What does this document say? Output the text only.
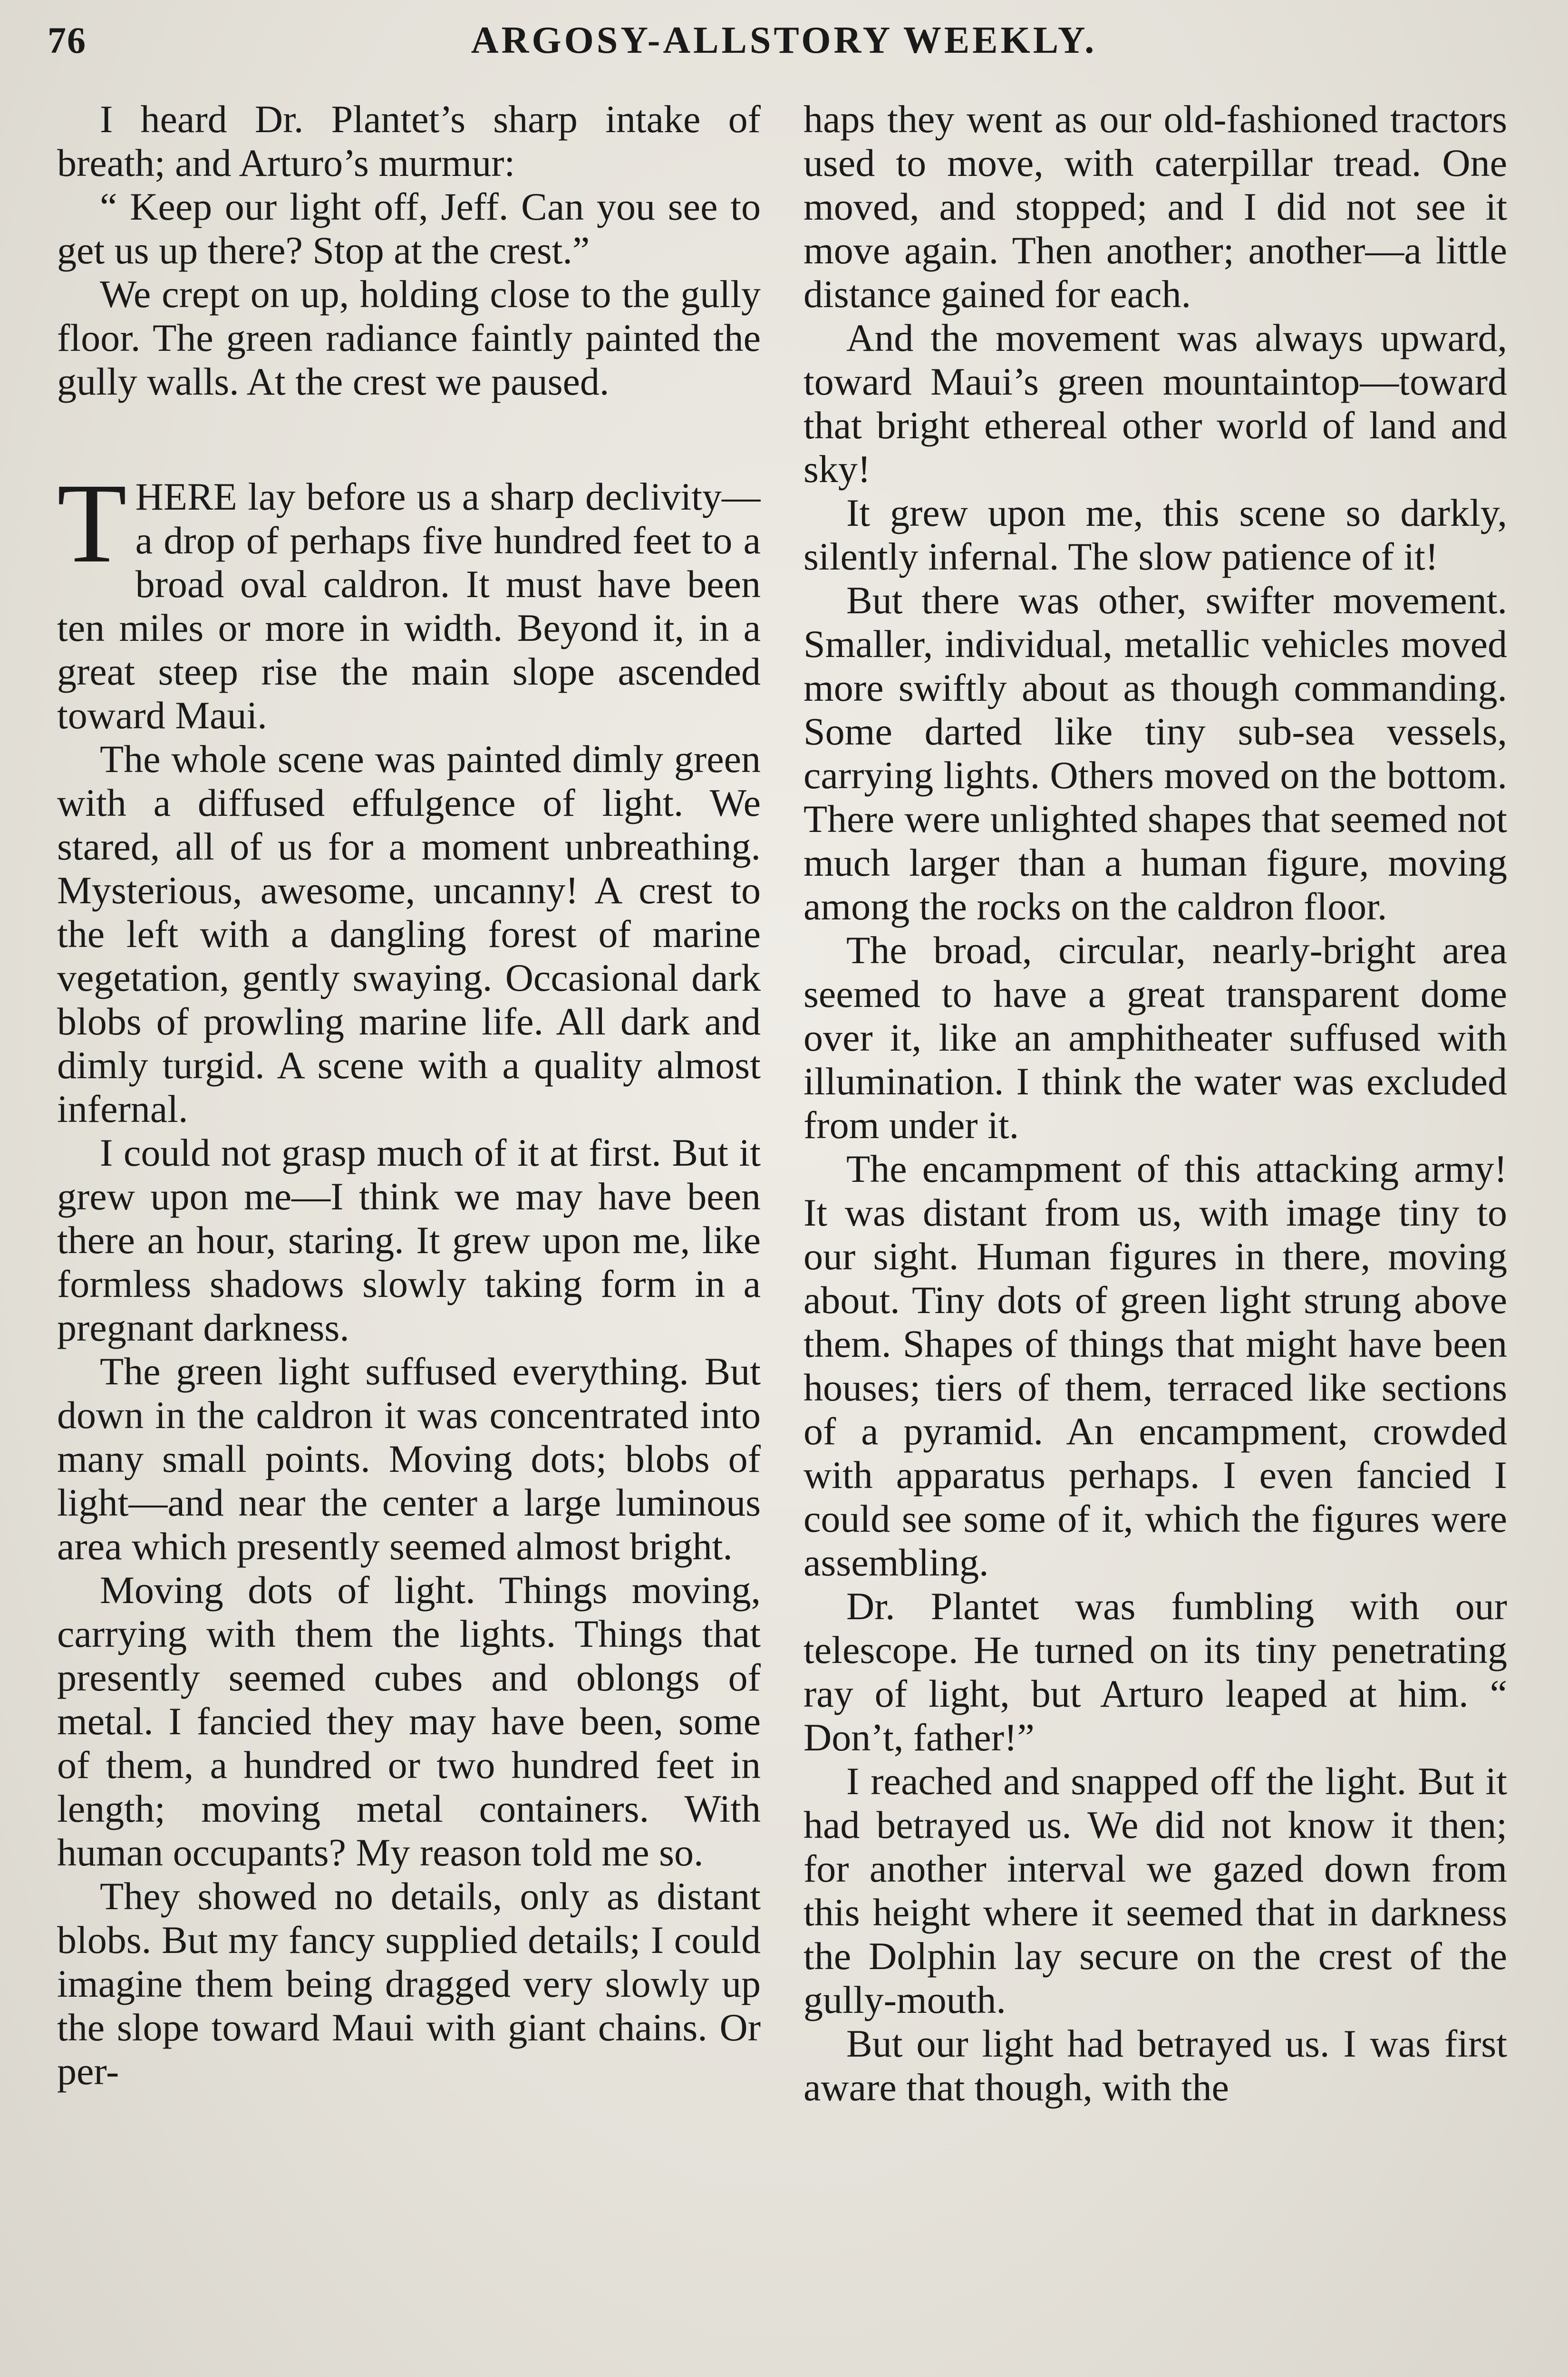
76	ARGOSY-ALLSTORY WEEKLY.

I heard Dr. Plantet’s sharp intake of breath; and Arturo’s murmur:

“ Keep our light off, Jeff. Can you see to get us up there? Stop at the crest.”

We crept on up, holding close to the gully floor. The green radiance faintly painted the gully walls. At the crest we paused.

THERE lay before us a sharp declivity—a drop of perhaps five hundred feet to a broad oval caldron. It must have been ten miles or more in width. Beyond it, in a great steep rise the main slope ascended toward Maui.

The whole scene was painted dimly green with a diffused effulgence of light. We stared, all of us for a moment unbreathing. Mysterious, awesome, uncanny! A crest to the left with a dangling forest of marine vegetation, gently swaying. Occasional dark blobs of prowling marine life. All dark and dimly turgid. A scene with a quality almost infernal.

I could not grasp much of it at first. But it grew upon me—I think we may have been there an hour, staring. It grew upon me, like formless shadows slowly taking form in a pregnant darkness.

The green light suffused everything. But down in the caldron it was concentrated into many small points. Moving dots; blobs of light—and near the center a large luminous area which presently seemed almost bright.

Moving dots of light. Things moving, carrying with them the lights. Things that presently seemed cubes and oblongs of metal. I fancied they may have been, some of them, a hundred or two hundred feet in length; moving metal containers. With human occupants? My reason told me so.

They showed no details, only as distant blobs. But my fancy supplied details; I could imagine them being dragged very slowly up the slope toward Maui with giant chains. Or per-

haps they went as our old-fashioned tractors used to move, with caterpillar tread. One moved, and stopped; and I did not see it move again. Then another; another—a little distance gained for each.

And the movement was always upward, toward Maui’s green mountaintop—toward that bright ethereal other world of land and sky!

It grew upon me, this scene so darkly, silently infernal. The slow patience of it!

But there was other, swifter movement. Smaller, individual, metallic vehicles moved more swiftly about as though commanding. Some darted like tiny sub-sea vessels, carrying lights. Others moved on the bottom. There were unlighted shapes that seemed not much larger than a human figure, moving among the rocks on the caldron floor.

The broad, circular, nearly-bright area seemed to have a great transparent dome over it, like an amphitheater suffused with illumination. I think the water was excluded from under it.

The encampment of this attacking army! It was distant from us, with image tiny to our sight. Human figures in there, moving about. Tiny dots of green light strung above them. Shapes of things that might have been houses; tiers of them, terraced like sections of a pyramid. An encampment, crowded with apparatus perhaps. I even fancied I could see some of it, which the figures were assembling.

Dr. Plantet was fumbling with our telescope. He turned on its tiny penetrating ray of light, but Arturo leaped at him. “ Don’t, father!”

I reached and snapped off the light. But it had betrayed us. We did not know it then; for another interval we gazed down from this height where it seemed that in darkness the Dolphin lay secure on the crest of the gully-mouth.

But our light had betrayed us. I was first aware that though, with the
